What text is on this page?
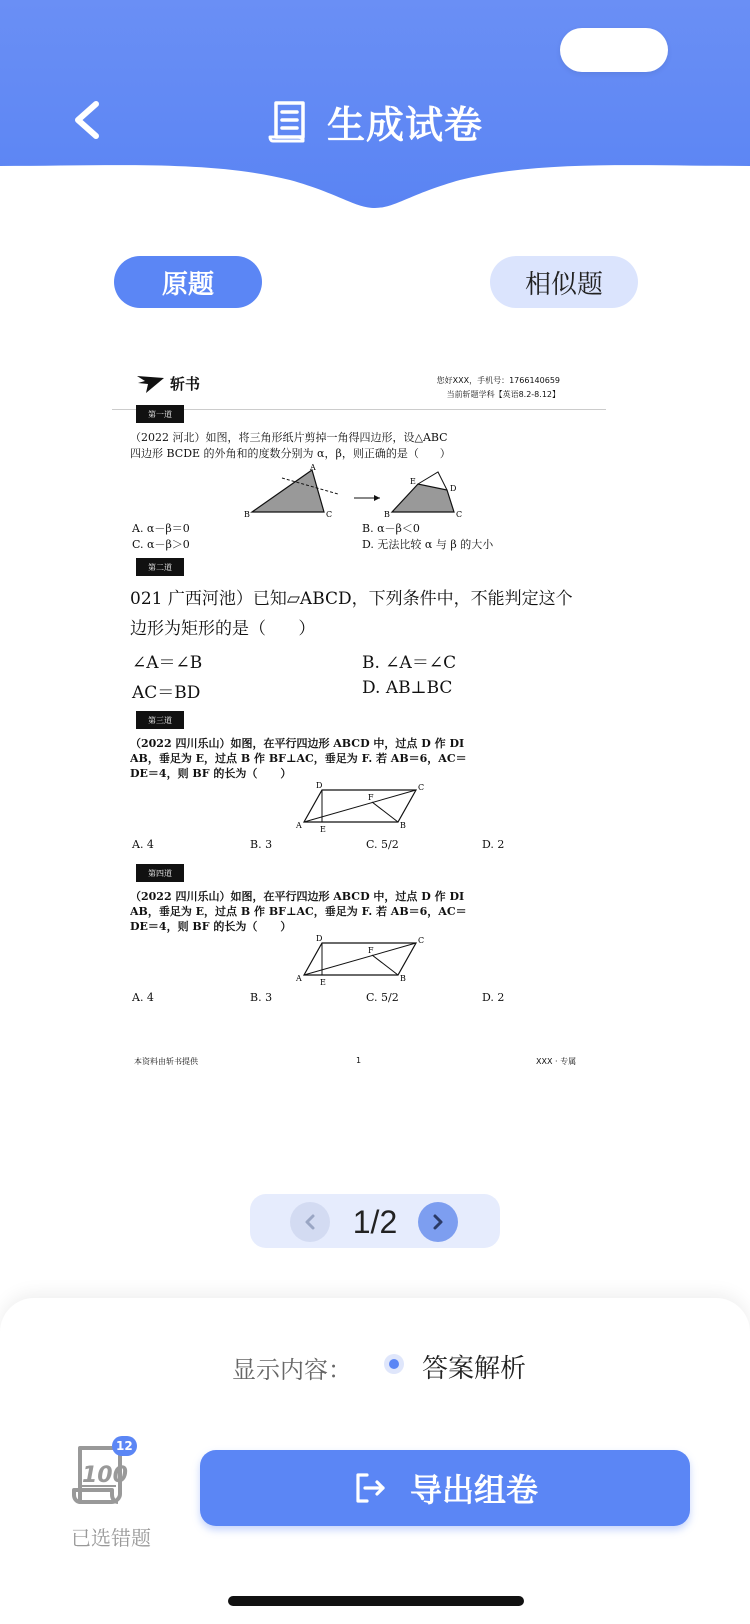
生成试卷
原题	相似题
斩书	您好XXX，手机号：1766140659
当前斩题学科【英语8.2-8.12】
第一道
（2022 河北）如图，将三角形纸片剪掉一角得四边形，设△ABC
四边形 BCDE 的外角和的度数分别为 α，β，则正确的是（      ）
B
A
C	B
E
D
C
A. α－β＝0	B. α－β＜0
C. α－β＞0	D. 无法比较 α 与 β 的大小
第二道
021 广西河池）已知▱ABCD，下列条件中，不能判定这个
边形为矩形的是（      ）
∠A＝∠B	B. ∠A＝∠C
AC＝BD	D. AB⊥BC
第三道
（2022 四川乐山）如图，在平行四边形 ABCD 中，过点 D 作 DI
AB，垂足为 E，过点 B 作 BF⊥AC，垂足为 F. 若 AB＝6，AC＝
DE＝4，则 BF 的长为（      ）
A
D	C
B
E
F
A. 4	B. 3	C. 5/2	D. 2
第四道
（2022 四川乐山）如图，在平行四边形 ABCD 中，过点 D 作 DI
AB，垂足为 E，过点 B 作 BF⊥AC，垂足为 F. 若 AB＝6，AC＝
DE＝4，则 BF 的长为（      ）
A
D	C
B
E
F
A. 4	B. 3	C. 5/2	D. 2
本资料由斩书提供	1	XXX · 专属
1/2
显示内容：	答案解析
100
12
已选错题
导出组卷
